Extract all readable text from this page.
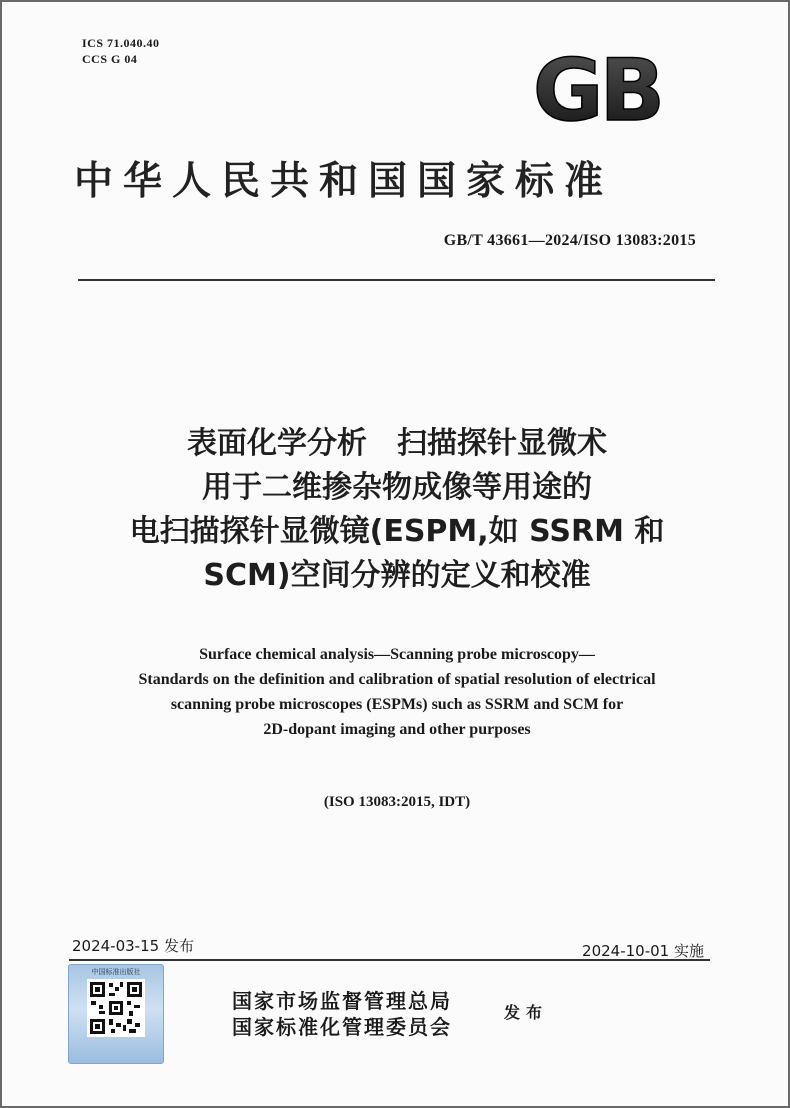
ICS 71.040.40
CCS G 04	GB
中华人民共和国国家标准
GB/T 43661—2024/ISO 13083:2015
表面化学分析　扫描探针显微术
用于二维掺杂物成像等用途的
电扫描探针显微镜(ESPM,如 SSRM 和
SCM)空间分辨的定义和校准
Surface chemical analysis—Scanning probe microscopy—
Standards on the definition and calibration of spatial resolution of electrical
scanning probe microscopes (ESPMs) such as SSRM and SCM for
2D-dopant imaging and other purposes
(ISO 13083:2015, IDT)
2024-03-15 发布	2024-10-01 实施
中国标准出版社
国家市场监督管理总局
国家标准化管理委员会
发布
